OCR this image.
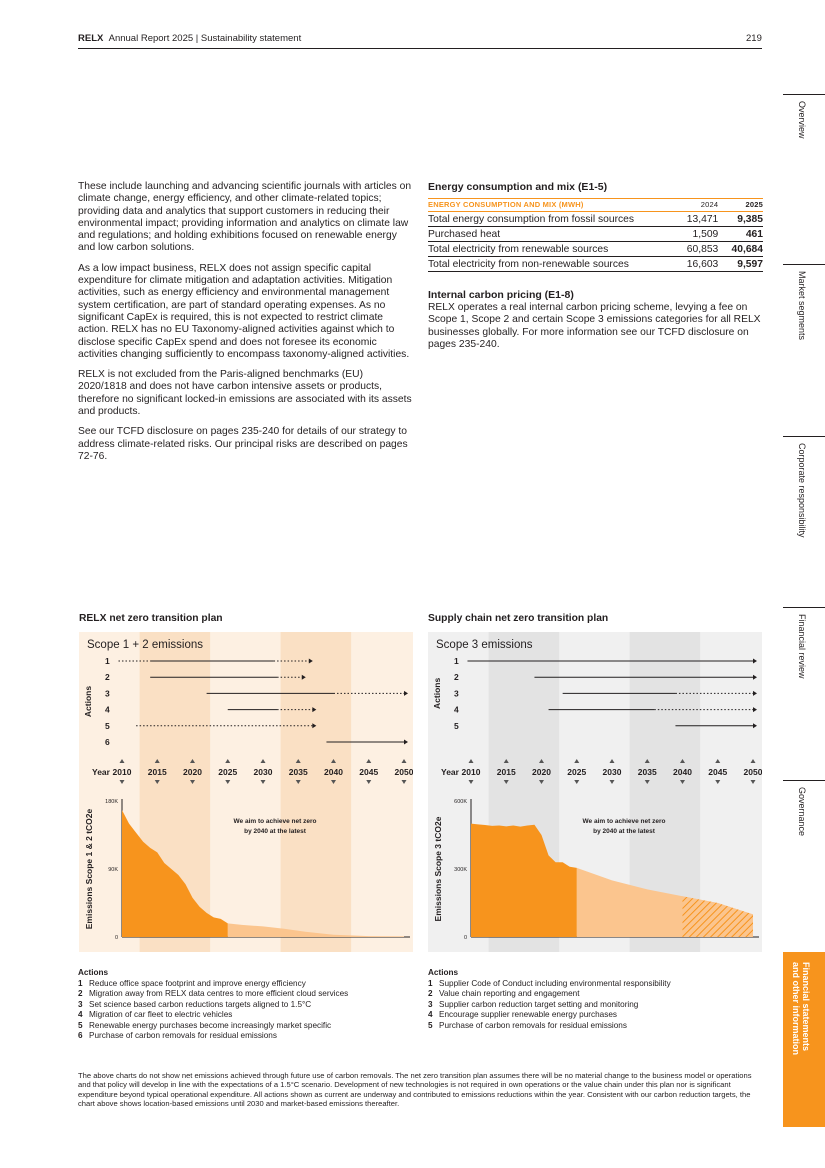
RELX Annual Report 2025 | Sustainability statement	219
Overview
Market segments
Corporate responsibility
Financial review
Governance
Financial statements and other information

These include launching and advancing scientific journals with articles on climate change, energy efficiency, and other climate-related topics; providing data and analytics that support customers in reducing their environmental impact; providing information and analytics on climate law and regulations; and holding exhibitions focused on renewable energy and low carbon solutions.

As a low impact business, RELX does not assign specific capital expenditure for climate mitigation and adaptation activities. Mitigation activities, such as energy efficiency and environmental management system certification, are part of standard operating expenses. As no significant CapEx is required, this is not expected to restrict climate action. RELX has no EU Taxonomy-aligned activities against which to disclose specific CapEx spend and does not foresee its economic activities changing sufficiently to encompass taxonomy-aligned activities.

RELX is not excluded from the Paris-aligned benchmarks (EU) 2020/1818 and does not have carbon intensive assets or products, therefore no significant locked-in emissions are associated with its assets and products.

See our TCFD disclosure on pages 235-240 for details of our strategy to address climate-related risks. Our principal risks are described on pages 72-76.

Energy consumption and mix (E1-5)
ENERGY CONSUMPTION AND MIX (MWH)	2024	2025
Total energy consumption from fossil sources	13,471	9,385
Purchased heat	1,509	461
Total electricity from renewable sources	60,853	40,684
Total electricity from non-renewable sources	16,603	9,597
Internal carbon pricing (E1-8)
RELX operates a real internal carbon pricing scheme, levying a fee on Scope 1, Scope 2 and certain Scope 3 emissions categories for all RELX businesses globally. For more information see our TCFD disclosure on pages 235-240.
RELX net zero transition plan	Supply chain net zero transition plan
Scope 1 + 2 emissions
Actions
1
2
3
4
5
6
Year 2010 2015 2020 2025 2030 2035 2040 2045 2050
180K
90K
0
Emissions Scope 1 & 2 tCO2e	We aim to achieve net zero
by 2040 at the latest
Scope 3 emissions
Actions
1
2
3
4
5
Year 2010 2015 2020 2025 2030 2035 2040 2045 2050
600K
300K
0
Emissions Scope 3 tCO2e	We aim to achieve net zero
by 2040 at the latest
Actions
1 Reduce office space footprint and improve energy efficiency
2 Migration away from RELX data centres to more efficient cloud services
3 Set science based carbon reductions targets aligned to 1.5°C
4 Migration of car fleet to electric vehicles
5 Renewable energy purchases become increasingly market specific
6 Purchase of carbon removals for residual emissions
Actions
1 Supplier Code of Conduct including environmental responsibility
2 Value chain reporting and engagement
3 Supplier carbon reduction target setting and monitoring
4 Encourage supplier renewable energy purchases
5 Purchase of carbon removals for residual emissions
The above charts do not show net emissions achieved through future use of carbon removals. The net zero transition plan assumes there will be no material change to the business model or operations and that policy will develop in line with the expectations of a 1.5°C scenario. Development of new technologies is not required in own operations or the value chain under this plan nor is significant expenditure beyond typical operational expenditure. All actions shown as current are underway and contributed to emissions reductions within the year. Consistent with our carbon reduction targets, the chart above shows location-based emissions until 2030 and market-based emissions thereafter.
